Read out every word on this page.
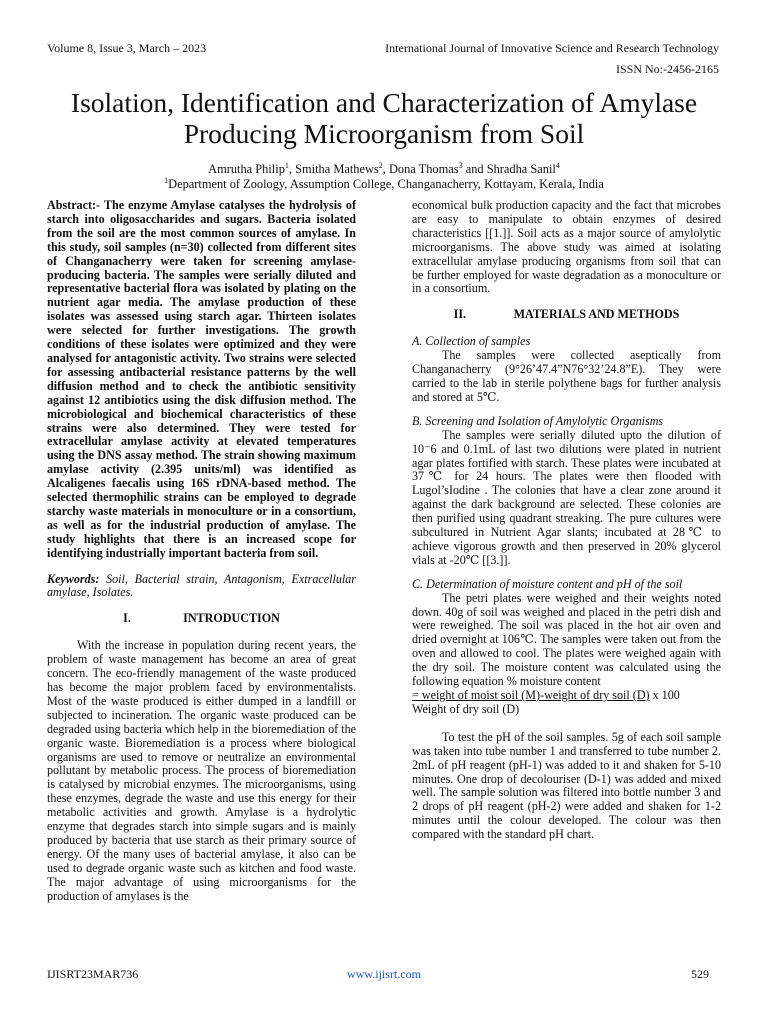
Volume 8, Issue 3, March – 2023	International Journal of Innovative Science and Research Technology
ISSN No:-2456-2165
Isolation, Identification and Characterization of Amylase Producing Microorganism from Soil
Amrutha Philip$^1$, Smitha Mathews$^2$, Dona Thomas$^3$ and Shradha Sanil$^4$
$^1$Department of Zoology, Assumption College, Changanacherry, Kottayam, Kerala, India

Abstract:- The enzyme Amylase catalyses the hydrolysis of starch into oligosaccharides and sugars. Bacteria isolated from the soil are the most common sources of amylase. In this study, soil samples (n=30) collected from different sites of Changanacherry were taken for screening amylase-producing bacteria. The samples were serially diluted and representative bacterial flora was isolated by plating on the nutrient agar media. The amylase production of these isolates was assessed using starch agar. Thirteen isolates were selected for further investigations. The growth conditions of these isolates were optimized and they were analysed for antagonistic activity. Two strains were selected for assessing antibacterial resistance patterns by the well diffusion method and to check the antibiotic sensitivity against 12 antibiotics using the disk diffusion method. The microbiological and biochemical characteristics of these strains were also determined. They were tested for extracellular amylase activity at elevated temperatures using the DNS assay method. The strain showing maximum amylase activity (2.395 units/ml) was identified as Alcaligenes faecalis using 16S rDNA-based method. The selected thermophilic strains can be employed to degrade starchy waste materials in monoculture or in a consortium, as well as for the industrial production of amylase. The study highlights that there is an increased scope for identifying industrially important bacteria from soil.

Keywords: Soil, Bacterial strain, Antagonism, Extracellular amylase, Isolates.

I.	INTRODUCTION

With the increase in population during recent years, the problem of waste management has become an area of great concern. The eco-friendly management of the waste produced has become the major problem faced by environmentalists. Most of the waste produced is either dumped in a landfill or subjected to incineration. The organic waste produced can be degraded using bacteria which help in the bioremediation of the organic waste. Bioremediation is a process where biological organisms are used to remove or neutralize an environmental pollutant by metabolic process. The process of bioremediation is catalysed by microbial enzymes. The microorganisms, using these enzymes, degrade the waste and use this energy for their metabolic activities and growth. Amylase is a hydrolytic enzyme that degrades starch into simple sugars and is mainly produced by bacteria that use starch as their primary source of energy. Of the many uses of bacterial amylase, it also can be used to degrade organic waste such as kitchen and food waste. The major advantage of using microorganisms for the production of amylases is the

economical bulk production capacity and the fact that microbes are easy to manipulate to obtain enzymes of desired characteristics [[1.]]. Soil acts as a major source of amylolytic microorganisms. The above study was aimed at isolating extracellular amylase producing organisms from soil that can be further employed for waste degradation as a monoculture or in a consortium.

II.	MATERIALS AND METHODS

A. Collection of samples

The samples were collected aseptically from Changanacherry (9°26’47.4”N76°32’24.8”E). They were carried to the lab in sterile polythene bags for further analysis and stored at 5℃.

B. Screening and Isolation of Amylolytic Organisms

The samples were serially diluted upto the dilution of 10⁻6 and 0.1mL of last two dilutions were plated in nutrient agar plates fortified with starch. These plates were incubated at 37℃ for 24 hours. The plates were then flooded with Lugol’sIodine . The colonies that have a clear zone around it against the dark background are selected. These colonies are then purified using quadrant streaking. The pure cultures were subcultured in Nutrient Agar slants; incubated at 28℃ to achieve vigorous growth and then preserved in 20% glycerol vials at -20℃ [[3.]].

C. Determination of moisture content and pH of the soil

The petri plates were weighed and their weights noted down. 40g of soil was weighed and placed in the petri dish and were reweighed. The soil was placed in the hot air oven and dried overnight at 106℃. The samples were taken out from the oven and allowed to cool. The plates were weighed again with the dry soil. The moisture content was calculated using the following equation % moisture content

= weight of moist soil (M)-weight of dry soil (D) x 100

Weight of dry soil (D)

To test the pH of the soil samples. 5g of each soil sample was taken into tube number 1 and transferred to tube number 2. 2mL of pH reagent (pH-1) was added to it and shaken for 5-10 minutes. One drop of decolouriser (D-1) was added and mixed well. The sample solution was filtered into bottle number 3 and 2 drops of pH reagent (pH-2) were added and shaken for 1-2 minutes until the colour developed. The colour was then compared with the standard pH chart.

IJISRT23MAR736	www.ijisrt.com	529
